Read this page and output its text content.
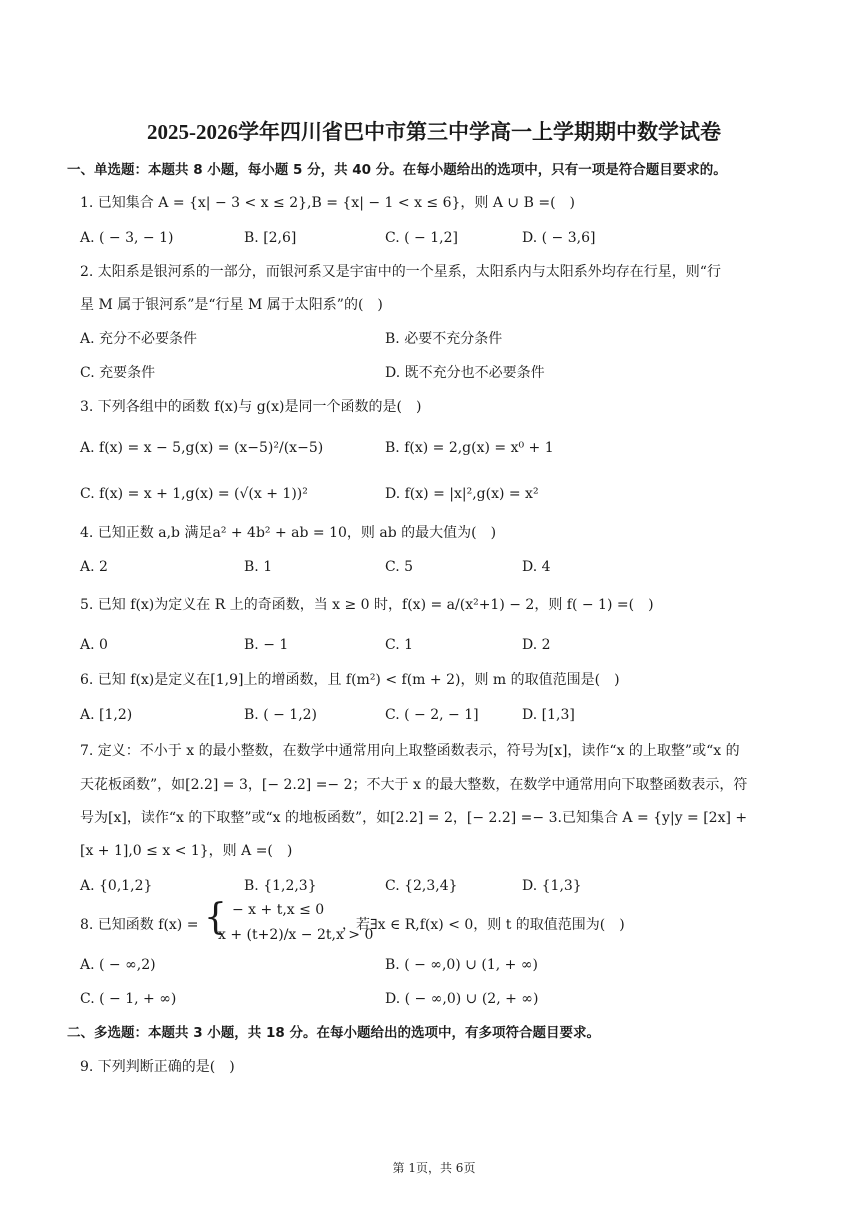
2025-2026学年四川省巴中市第三中学高一上学期期中数学试卷
一、单选题：本题共 8 小题，每小题 5 分，共 40 分。在每小题给出的选项中，只有一项是符合题目要求的。
1. 已知集合 A = {x| − 3 < x ≤ 2},B = {x| − 1 < x ≤ 6}，则 A ∪ B =(　)
A. ( − 3, − 1)	B. [2,6]	C. ( − 1,2]	D. ( − 3,6]
2. 太阳系是银河系的一部分，而银河系又是宇宙中的一个星系，太阳系内与太阳系外均存在行星，则“行
星 M 属于银河系”是“行星 M 属于太阳系”的(　)
A. 充分不必要条件	B. 必要不充分条件
C. 充要条件	D. 既不充分也不必要条件
3. 下列各组中的函数 f(x)与 g(x)是同一个函数的是(　)
A. f(x) = x − 5,g(x) = (x−5)²/(x−5)	B. f(x) = 2,g(x) = x⁰ + 1
C. f(x) = x + 1,g(x) = (√(x + 1))²	D. f(x) = |x|²,g(x) = x²
4. 已知正数 a,b 满足a² + 4b² + ab = 10，则 ab 的最大值为(　)
A. 2	B. 1	C. 5	D. 4
5. 已知 f(x)为定义在 R 上的奇函数，当 x ≥ 0 时，f(x) = a/(x²+1) − 2，则 f( − 1) =(　)
A. 0	B. − 1	C. 1	D. 2
6. 已知 f(x)是定义在[1,9]上的增函数，且 f(m²) < f(m + 2)，则 m 的取值范围是(　)
A. [1,2)	B. ( − 1,2)	C. ( − 2, − 1]	D. [1,3]
7. 定义：不小于 x 的最小整数，在数学中通常用向上取整函数表示，符号为[x]，读作“x 的上取整”或“x 的
天花板函数”，如[2.2] = 3，[− 2.2] =− 2；不大于 x 的最大整数，在数学中通常用向下取整函数表示，符
号为[x]，读作“x 的下取整”或“x 的地板函数”，如[2.2] = 2，[− 2.2] =− 3.已知集合 A = {y|y = [2x] +
[x + 1],0 ≤ x < 1}，则 A =(　)
A. {0,1,2}	B. {1,2,3}	C. {2,3,4}	D. {1,3}
8. 已知函数 f(x) = { − x + t,x ≤ 0
x + (t+2)/x − 2t,x > 0
，若∃x ∈ R,f(x) < 0，则 t 的取值范围为(　)
A. ( − ∞,2)	B. ( − ∞,0) ∪ (1, + ∞)
C. ( − 1, + ∞)	D. ( − ∞,0) ∪ (2, + ∞)
二、多选题：本题共 3 小题，共 18 分。在每小题给出的选项中，有多项符合题目要求。
9. 下列判断正确的是(　)
第 1页，共 6页
